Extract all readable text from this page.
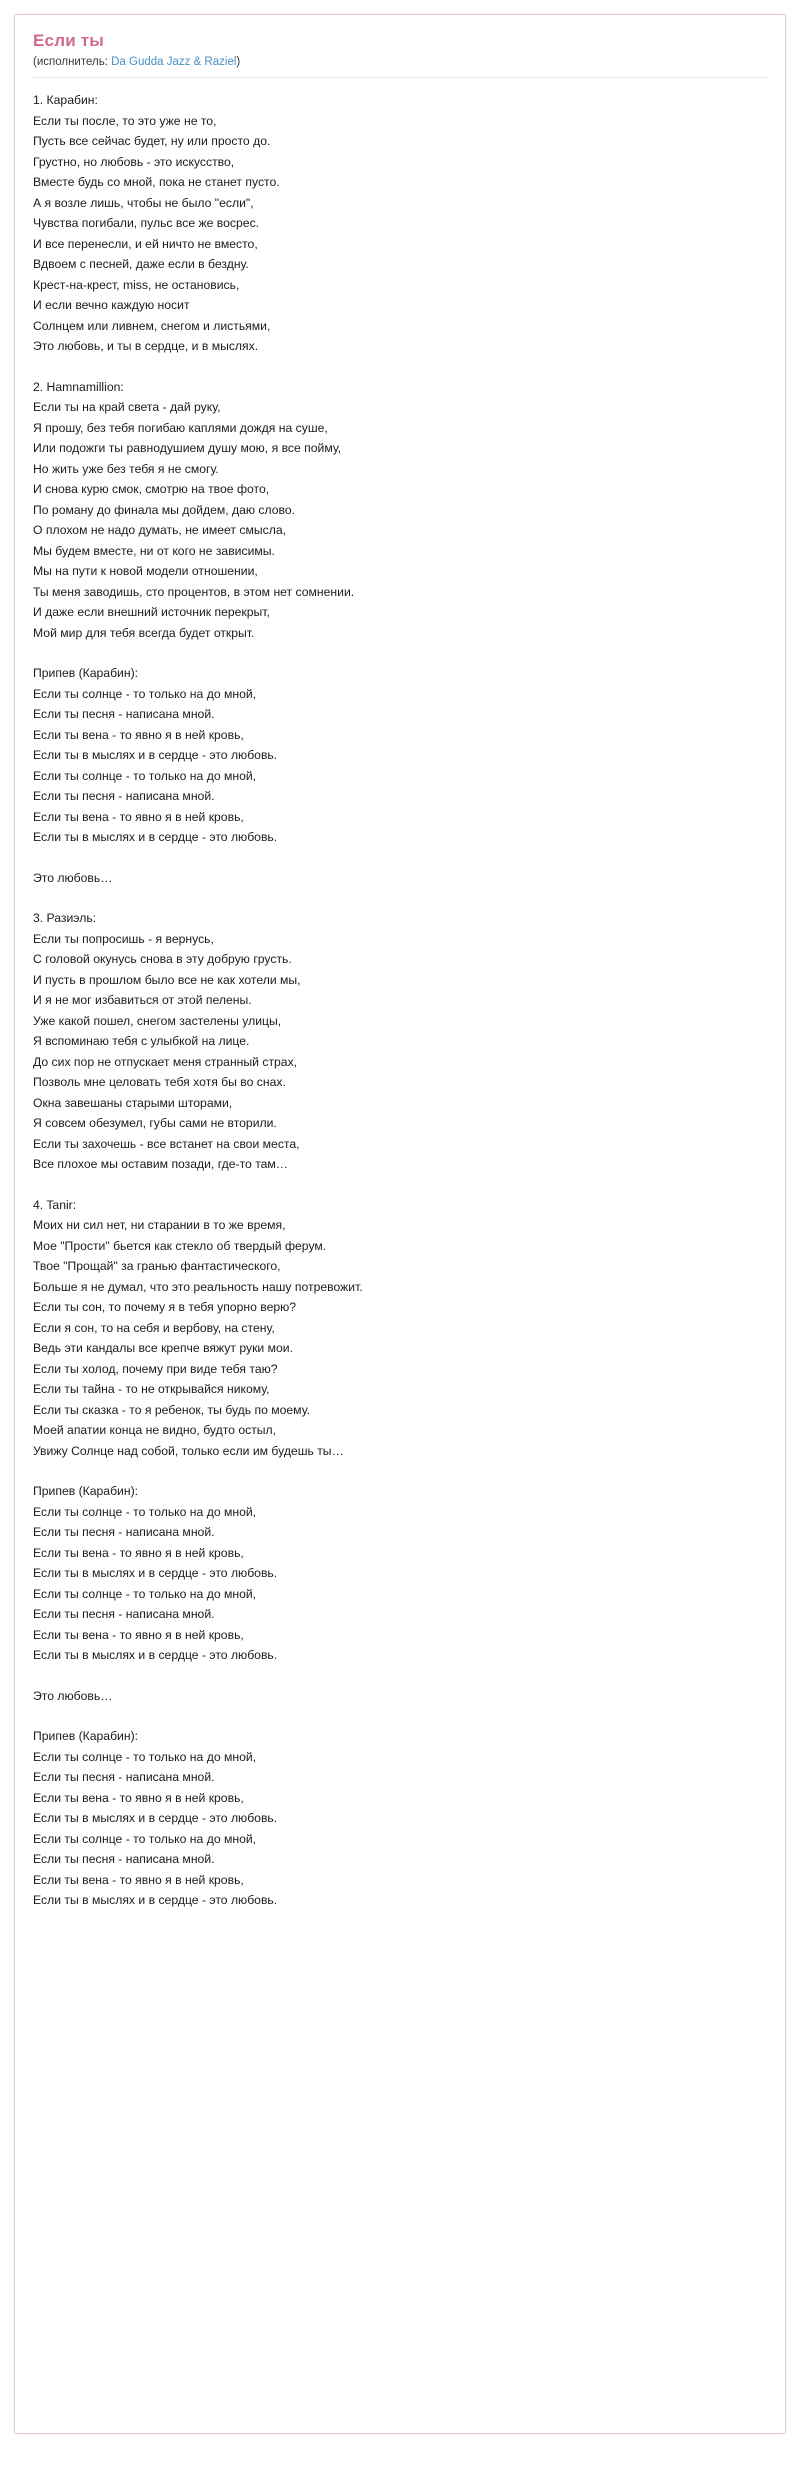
Если ты
(исполнитель: Da Gudda Jazz & Raziel)
1. Карабин:
Если ты после, то это уже не то,
Пусть все сейчас будет, ну или просто до.
Грустно, но любовь - это искусство,
Вместе будь со мной, пока не станет пусто.
А я возле лишь, чтобы не было "если",
Чувства погибали, пульс все же восрес.
И все перенесли, и ей ничто не вместо,
Вдвоем с песней, даже если в бездну.
Крест-на-крест, miss, не остановись,
И если вечно каждую носит
Солнцем или ливнем, снегом и листьями,
Это любовь, и ты в сердце, и в мыслях.
2. Hamnamillion:
Если ты на край света - дай руку,
Я прошу, без тебя погибаю каплями дождя на суше,
Или подожги ты равнодушием душу мою, я все пойму,
Но жить уже без тебя я не смогу.
И снова курю смок, смотрю на твое фото,
По роману до финала мы дойдем, даю слово.
О плохом не надо думать, не имеет смысла,
Мы будем вместе, ни от кого не зависимы.
Мы на пути к новой модели отношении,
Ты меня заводишь, сто процентов, в этом нет сомнении.
И даже если внешний источник перекрыт,
Мой мир для тебя всегда будет открыт.
Припев (Карабин):
Если ты солнце - то только на до мной,
Если ты песня - написана мной.
Если ты вена - то явно я в ней кровь,
Если ты в мыслях и в сердце - это любовь.
Если ты солнце - то только на до мной,
Если ты песня - написана мной.
Если ты вена - то явно я в ней кровь,
Если ты в мыслях и в сердце - это любовь.
Это любовь…
3. Разиэль:
Если ты попросишь - я вернусь,
С головой окунусь снова в эту добрую грусть.
И пусть в прошлом было все не как хотели мы,
И я не мог избавиться от этой пелены.
Уже какой пошел, снегом застелены улицы,
Я вспоминаю тебя с улыбкой на лице.
До сих пор не отпускает меня странный страх,
Позволь мне целовать тебя хотя бы во снах.
Окна завешаны старыми шторами,
Я совсем обезумел, губы сами не вторили.
Если ты захочешь - все встанет на свои места,
Все плохое мы оставим позади, где-то там…
4. Tanir:
Моих ни сил нет, ни старании в то же время,
Мое "Прости" бьется как стекло об твердый ферум.
Твое "Прощай" за гранью фантастического,
Больше я не думал, что это реальность нашу потревожит.
Если ты сон, то почему я в тебя упорно верю?
Если я сон, то на себя и вербову, на стену,
Ведь эти кандалы все крепче вяжут руки мои.
Если ты холод, почему при виде тебя таю?
Если ты тайна - то не открывайся никому,
Если ты сказка - то я ребенок, ты будь по моему.
Моей апатии конца не видно, будто остыл,
Увижу Солнце над собой, только если им будешь ты…
Припев (Карабин):
Если ты солнце - то только на до мной,
Если ты песня - написана мной.
Если ты вена - то явно я в ней кровь,
Если ты в мыслях и в сердце - это любовь.
Если ты солнце - то только на до мной,
Если ты песня - написана мной.
Если ты вена - то явно я в ней кровь,
Если ты в мыслях и в сердце - это любовь.
Это любовь…
Припев (Карабин):
Если ты солнце - то только на до мной,
Если ты песня - написана мной.
Если ты вена - то явно я в ней кровь,
Если ты в мыслях и в сердце - это любовь.
Если ты солнце - то только на до мной,
Если ты песня - написана мной.
Если ты вена - то явно я в ней кровь,
Если ты в мыслях и в сердце - это любовь.
